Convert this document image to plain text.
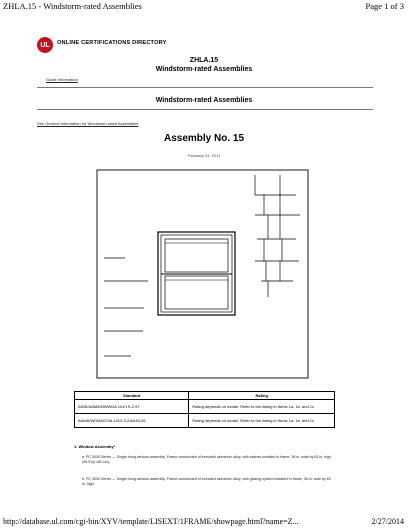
ZHLA.15 - Windstorm-rated Assemblies	Page 1 of 3
UL	ONLINE CERTIFICATIONS DIRECTORY
ZHLA.15
Windstorm-rated Assemblies
Guide Information
Windstorm-rated Assemblies
See General Information for Windstorm-rated Assemblies
Assembly No. 15
February 24, 2011
Standard	Rating
ANSI/AAMA/NWWDA 101/I.S.2-97	Rating depends on model. Refer to the listing in Items 1a, 1b, and 1c
AAMA/WDMA/CSA 101/I.S.2/A440-05	Rating depends on model. Refer to the listing in Items 1a, 1b, and 1c
1. Window Assembly*
a. PC 3030 Series — Single-hung window assembly. Frame constructed of extruded aluminum alloy, with sashes installed in frame, 38 in. wide by 63 in. high (96.5 by 160 cm).
b. PC 3030 Series — Single-hung window assembly. Frame constructed of extruded aluminum alloy, with glazing system installed in frame, 38 in. wide by 63 in. high.
http://database.ul.com/cgi-bin/XYV/template/LISEXT/1FRAME/showpage.html?name=Z...	2/27/2014
